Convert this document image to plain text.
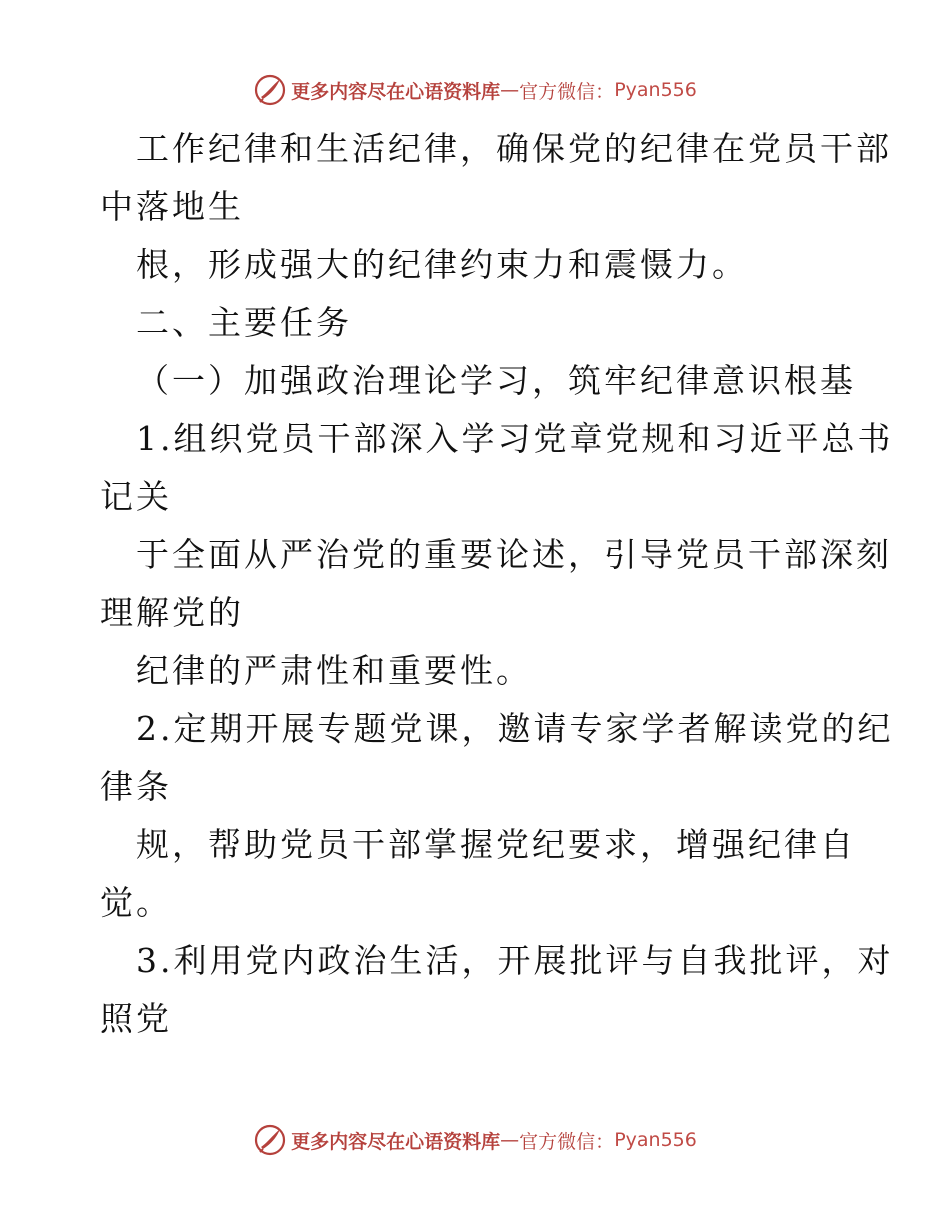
更多内容尽在心语资料库 — 官方微信： Pyan556

工作纪律和生活纪律，确保党的纪律在党员干部

中落地生

根，形成强大的纪律约束力和震慑力。

二、主要任务

（一）加强政治理论学习，筑牢纪律意识根基

1.组织党员干部深入学习党章党规和习近平总书

记关

于全面从严治党的重要论述，引导党员干部深刻

理解党的

纪律的严肃性和重要性。

2.定期开展专题党课，邀请专家学者解读党的纪

律条

规，帮助党员干部掌握党纪要求，增强纪律自

觉。

3.利用党内政治生活，开展批评与自我批评，对

照党

更多内容尽在心语资料库 — 官方微信： Pyan556
